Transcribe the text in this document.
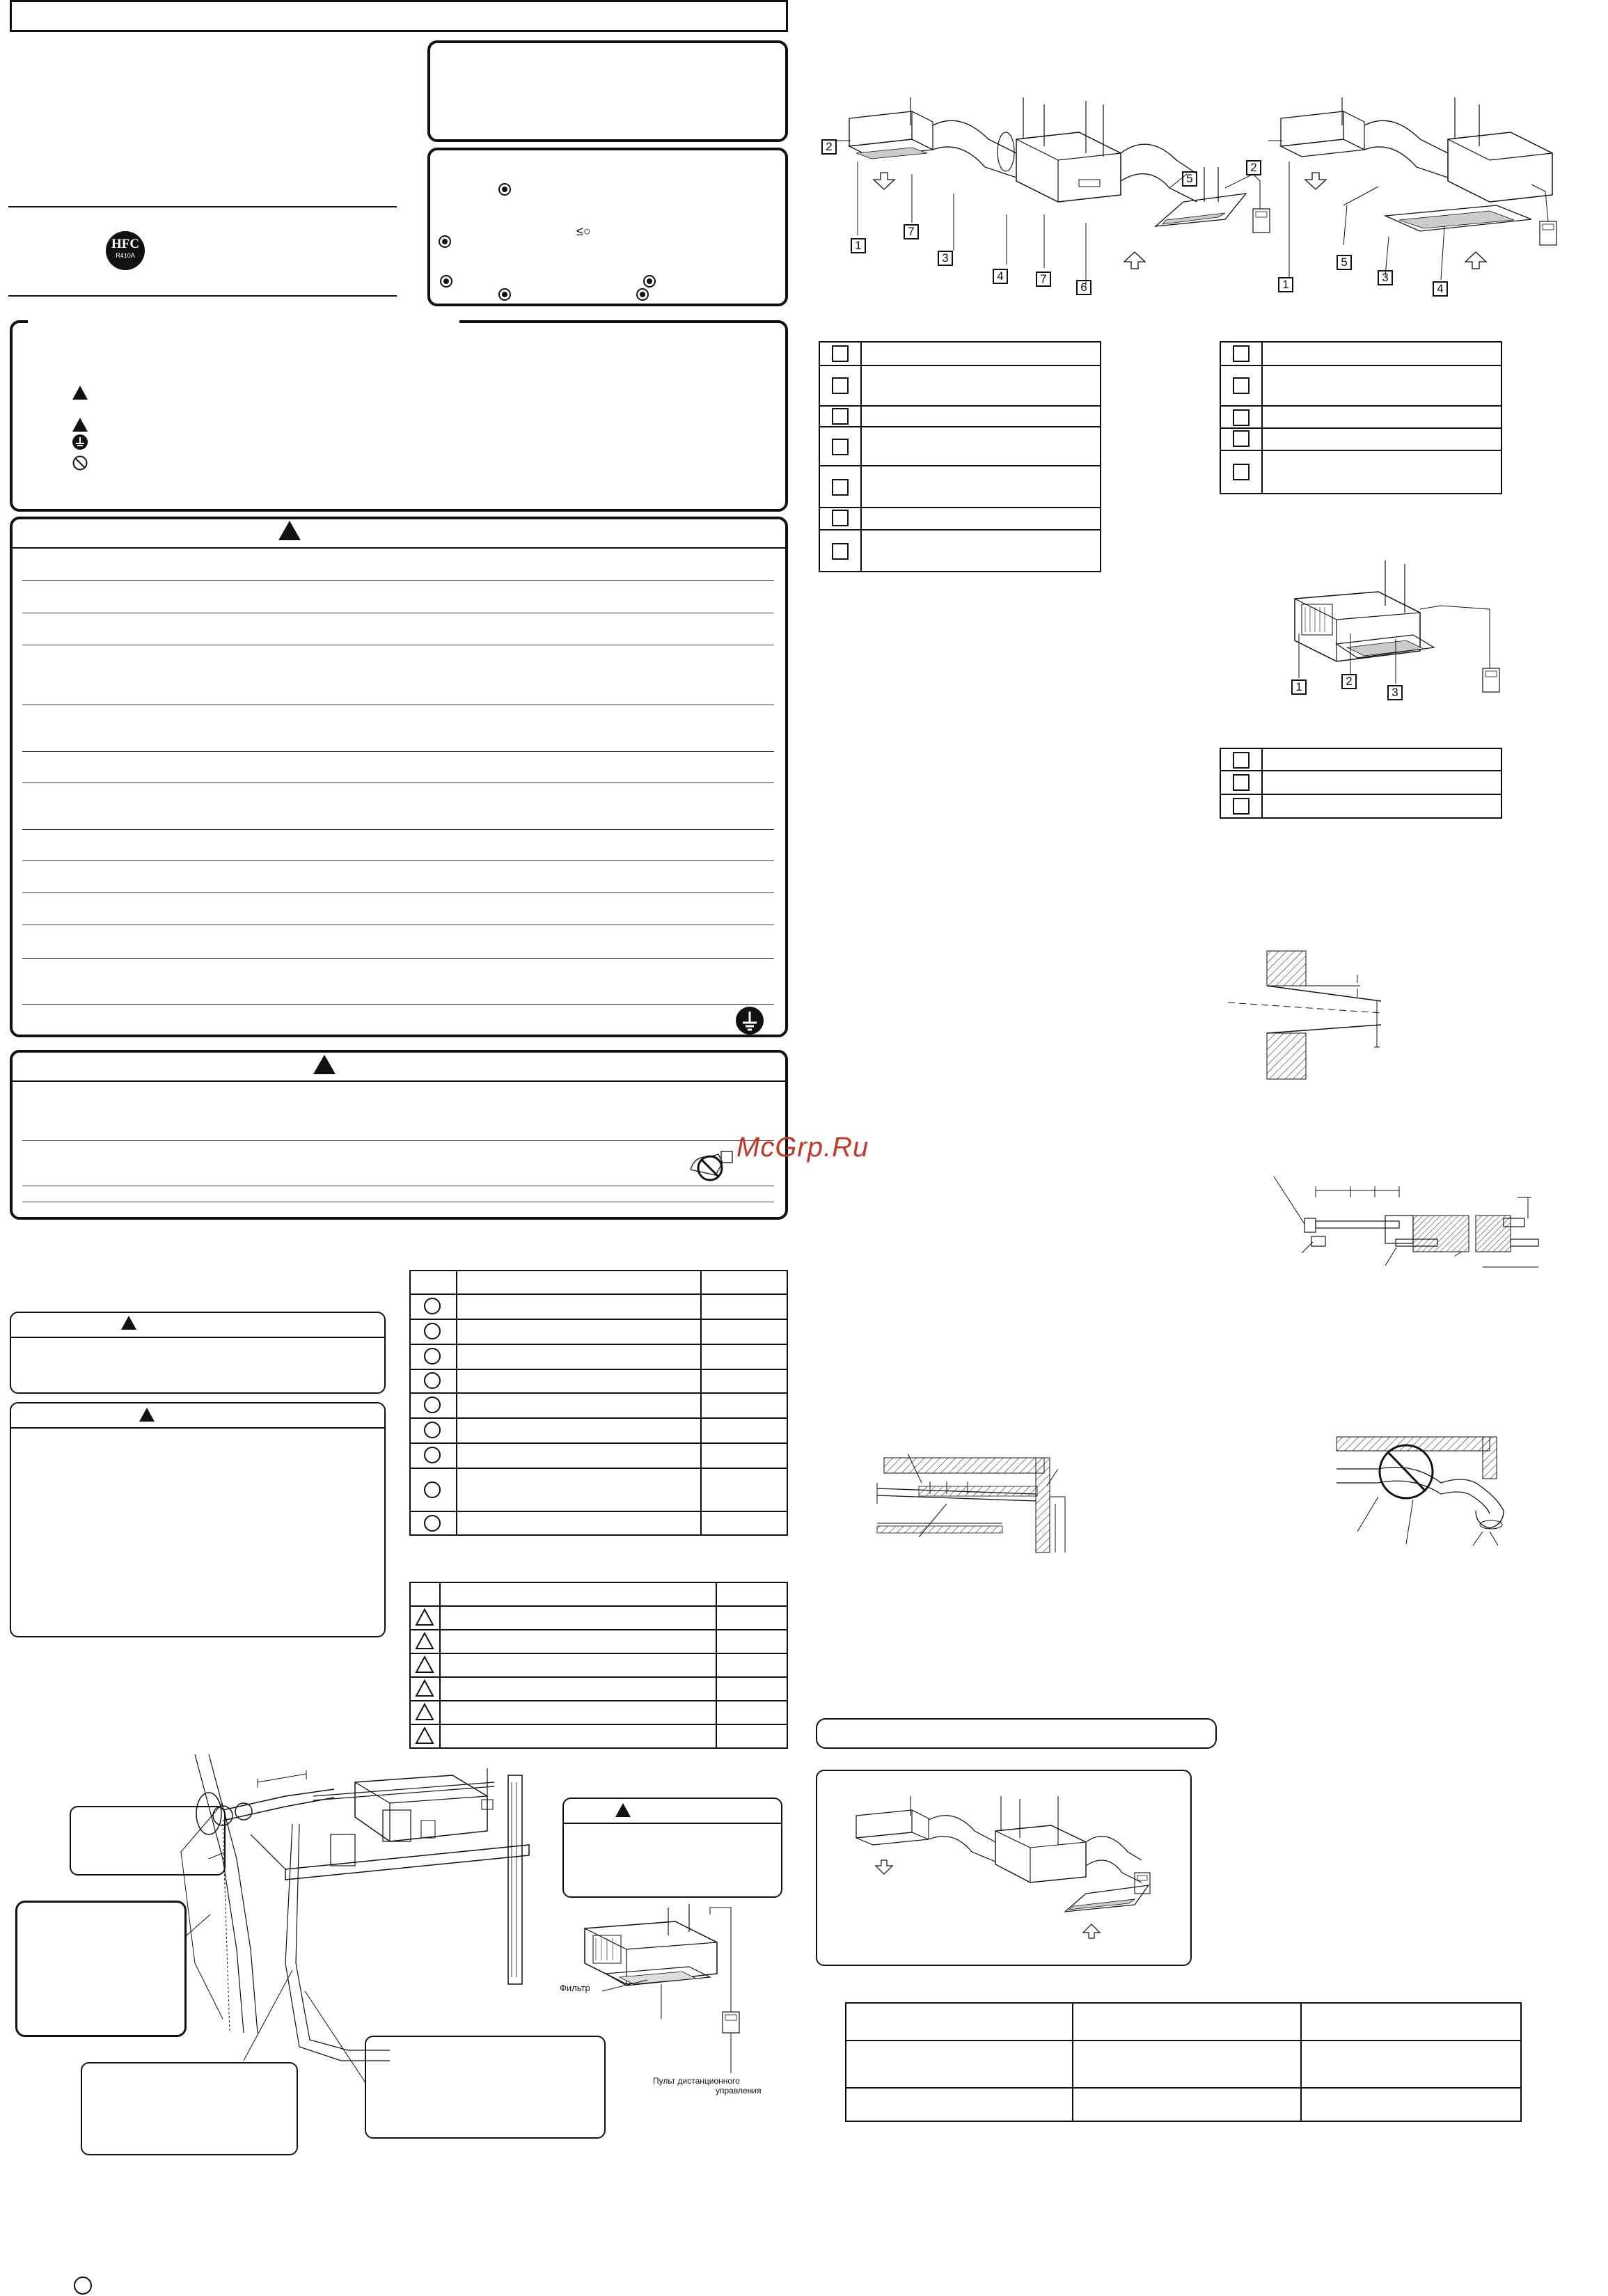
≤○
HFC
R410A
McGrp.Ru
Фильтр
Пульт дистанционного
управления
2
1
7
3
4	7
6
5
2
1
5
3
4
1	2
3
